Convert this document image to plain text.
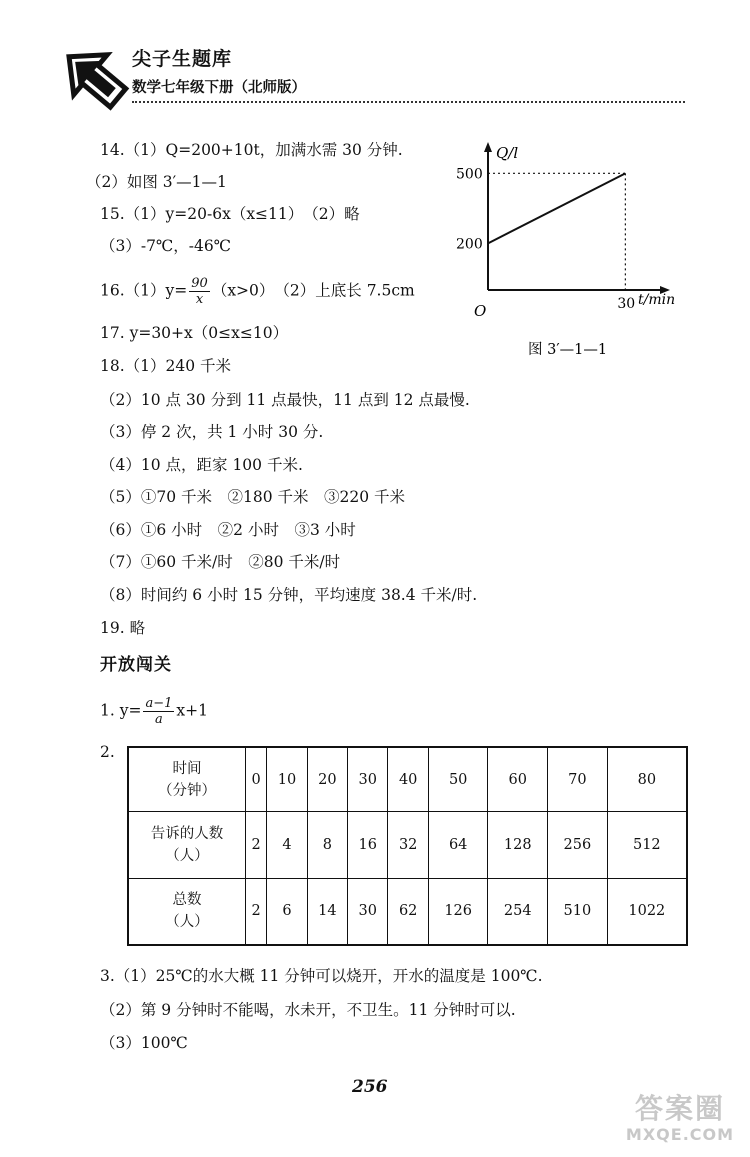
尖子生题库
数学七年级下册（北师版）
14.（1）Q=200+10t，加满水需 30 分钟.
（2）如图 3′—1—1
15.（1）y=20-6x（x≤11）　（2）略
（3）-7℃，-46℃
$16.(1)y= \frac{90}{x} (x>0)$　（2）上底长 7.5cm
17. y=30+x（0≤x≤10）
18.（1）240 千米
（2）10 点 30 分到 11 点最快，11 点到 12 点最慢.
（3）停 2 次，共 1 小时 30 分.
（4）10 点，距家 100 千米.
（5）①70 千米　②180 千米　③220 千米
（6）①6 小时　②2 小时　③3 小时
（7）①60 千米/时　②80 千米/时
（8）时间约 6 小时 15 分钟，平均速度 38.4 千米/时.
19. 略
Q/l
t/min
O
图 3′—1—1
200
500
30
开放闯关
1. $y= \frac{a-1}{a} x+1$
2.
时间
（分钟）	0	10	20	30	40	50	60	70	80

告诉的人数
（人）	2	4	8	16	32	64	128	256	512

总数
（人）	2	6	14	30	62	126	254	510	1022
3.（1）25℃的水大概 11 分钟可以烧开，开水的温度是 100℃.
（2）第 9 分钟时不能喝，水未开，不卫生。11 分钟时可以.
（3）100℃
256
答案圈
MXQE.COM
